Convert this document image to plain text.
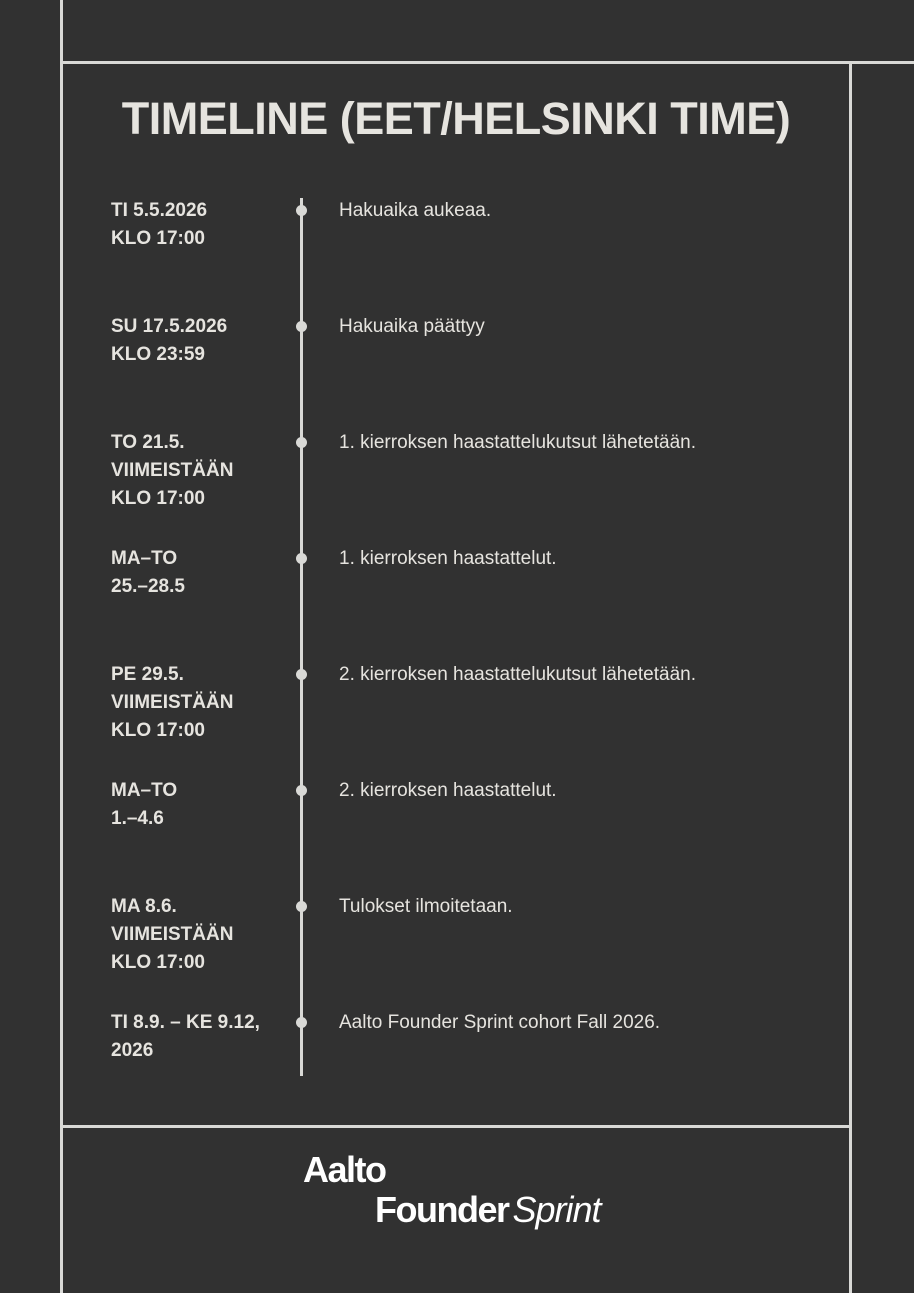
TIMELINE (EET/HELSINKI TIME)
TI 5.5.2026
KLO 17:00
Hakuaika aukeaa.
SU 17.5.2026
KLO 23:59
Hakuaika päättyy
TO 21.5.
VIIMEISTÄÄN
KLO 17:00
1. kierroksen haastattelukutsut lähetetään.
MA–TO
25.–28.5
1. kierroksen haastattelut.
PE 29.5.
VIIMEISTÄÄN
KLO 17:00
2. kierroksen haastattelukutsut lähetetään.
MA–TO
1.–4.6
2. kierroksen haastattelut.
MA 8.6.
VIIMEISTÄÄN
KLO 17:00
Tulokset ilmoitetaan.
TI 8.9. – KE 9.12,
2026
Aalto Founder Sprint cohort Fall 2026.
Aalto
Founder Sprint
